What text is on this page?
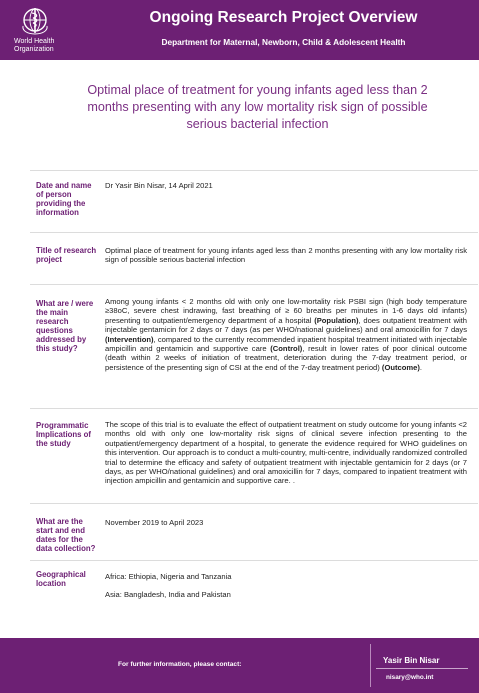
World Health
Organization
Ongoing Research Project Overview
Department for Maternal, Newborn, Child & Adolescent Health
Optimal place of treatment for young infants aged less than 2 months presenting with any low mortality risk sign of possible serious bacterial infection
Date and name of person providing the information
Dr Yasir Bin Nisar, 14 April 2021
Title of research project
Optimal place of treatment for young infants aged less than 2 months presenting with any low mortality risk sign of possible serious bacterial infection
What are / were the main research questions addressed by this study?
Among young infants < 2 months old with only one low-mortality risk PSBI sign (high body temperature ≥38oC, severe chest indrawing, fast breathing of ≥ 60 breaths per minutes in 1-6 days old infants) presenting to outpatient/emergency department of a hospital (Population), does outpatient treatment with injectable gentamicin for 2 days or 7 days (as per WHO/national guidelines) and oral amoxicillin for 7 days (Intervention), compared to the currently recommended inpatient hospital treatment initiated with injectable ampicillin and gentamicin and supportive care (Control), result in lower rates of poor clinical outcome (death within 2 weeks of initiation of treatment, deterioration during the 7-day treatment period, or persistence of the presenting sign of CSI at the end of the 7-day treatment period) (Outcome).
Programmatic Implications of the study
The scope of this trial is to evaluate the effect of outpatient treatment on study outcome for young infants <2 months old with only one low-mortality risk signs of clinical severe infection presenting to the outpatient/emergency department of a hospital, to generate the evidence required for WHO guidelines on this intervention. Our approach is to conduct a multi-country, multi-centre, individually randomized controlled trial to determine the efficacy and safety of outpatient treatment with injectable gentamicin for 2 days (or 7 days, as per WHO/national guidelines) and oral amoxicillin for 7 days, compared to inpatient treatment with injection ampicillin and gentamicin and supportive care. .
What are the start and end dates for the data collection?
November 2019 to April 2023
Geographical location

Africa: Ethiopia, Nigeria and Tanzania

Asia: Bangladesh, India and Pakistan

For further information, please contact:	Yasir Bin Nisar
nisary@who.int
